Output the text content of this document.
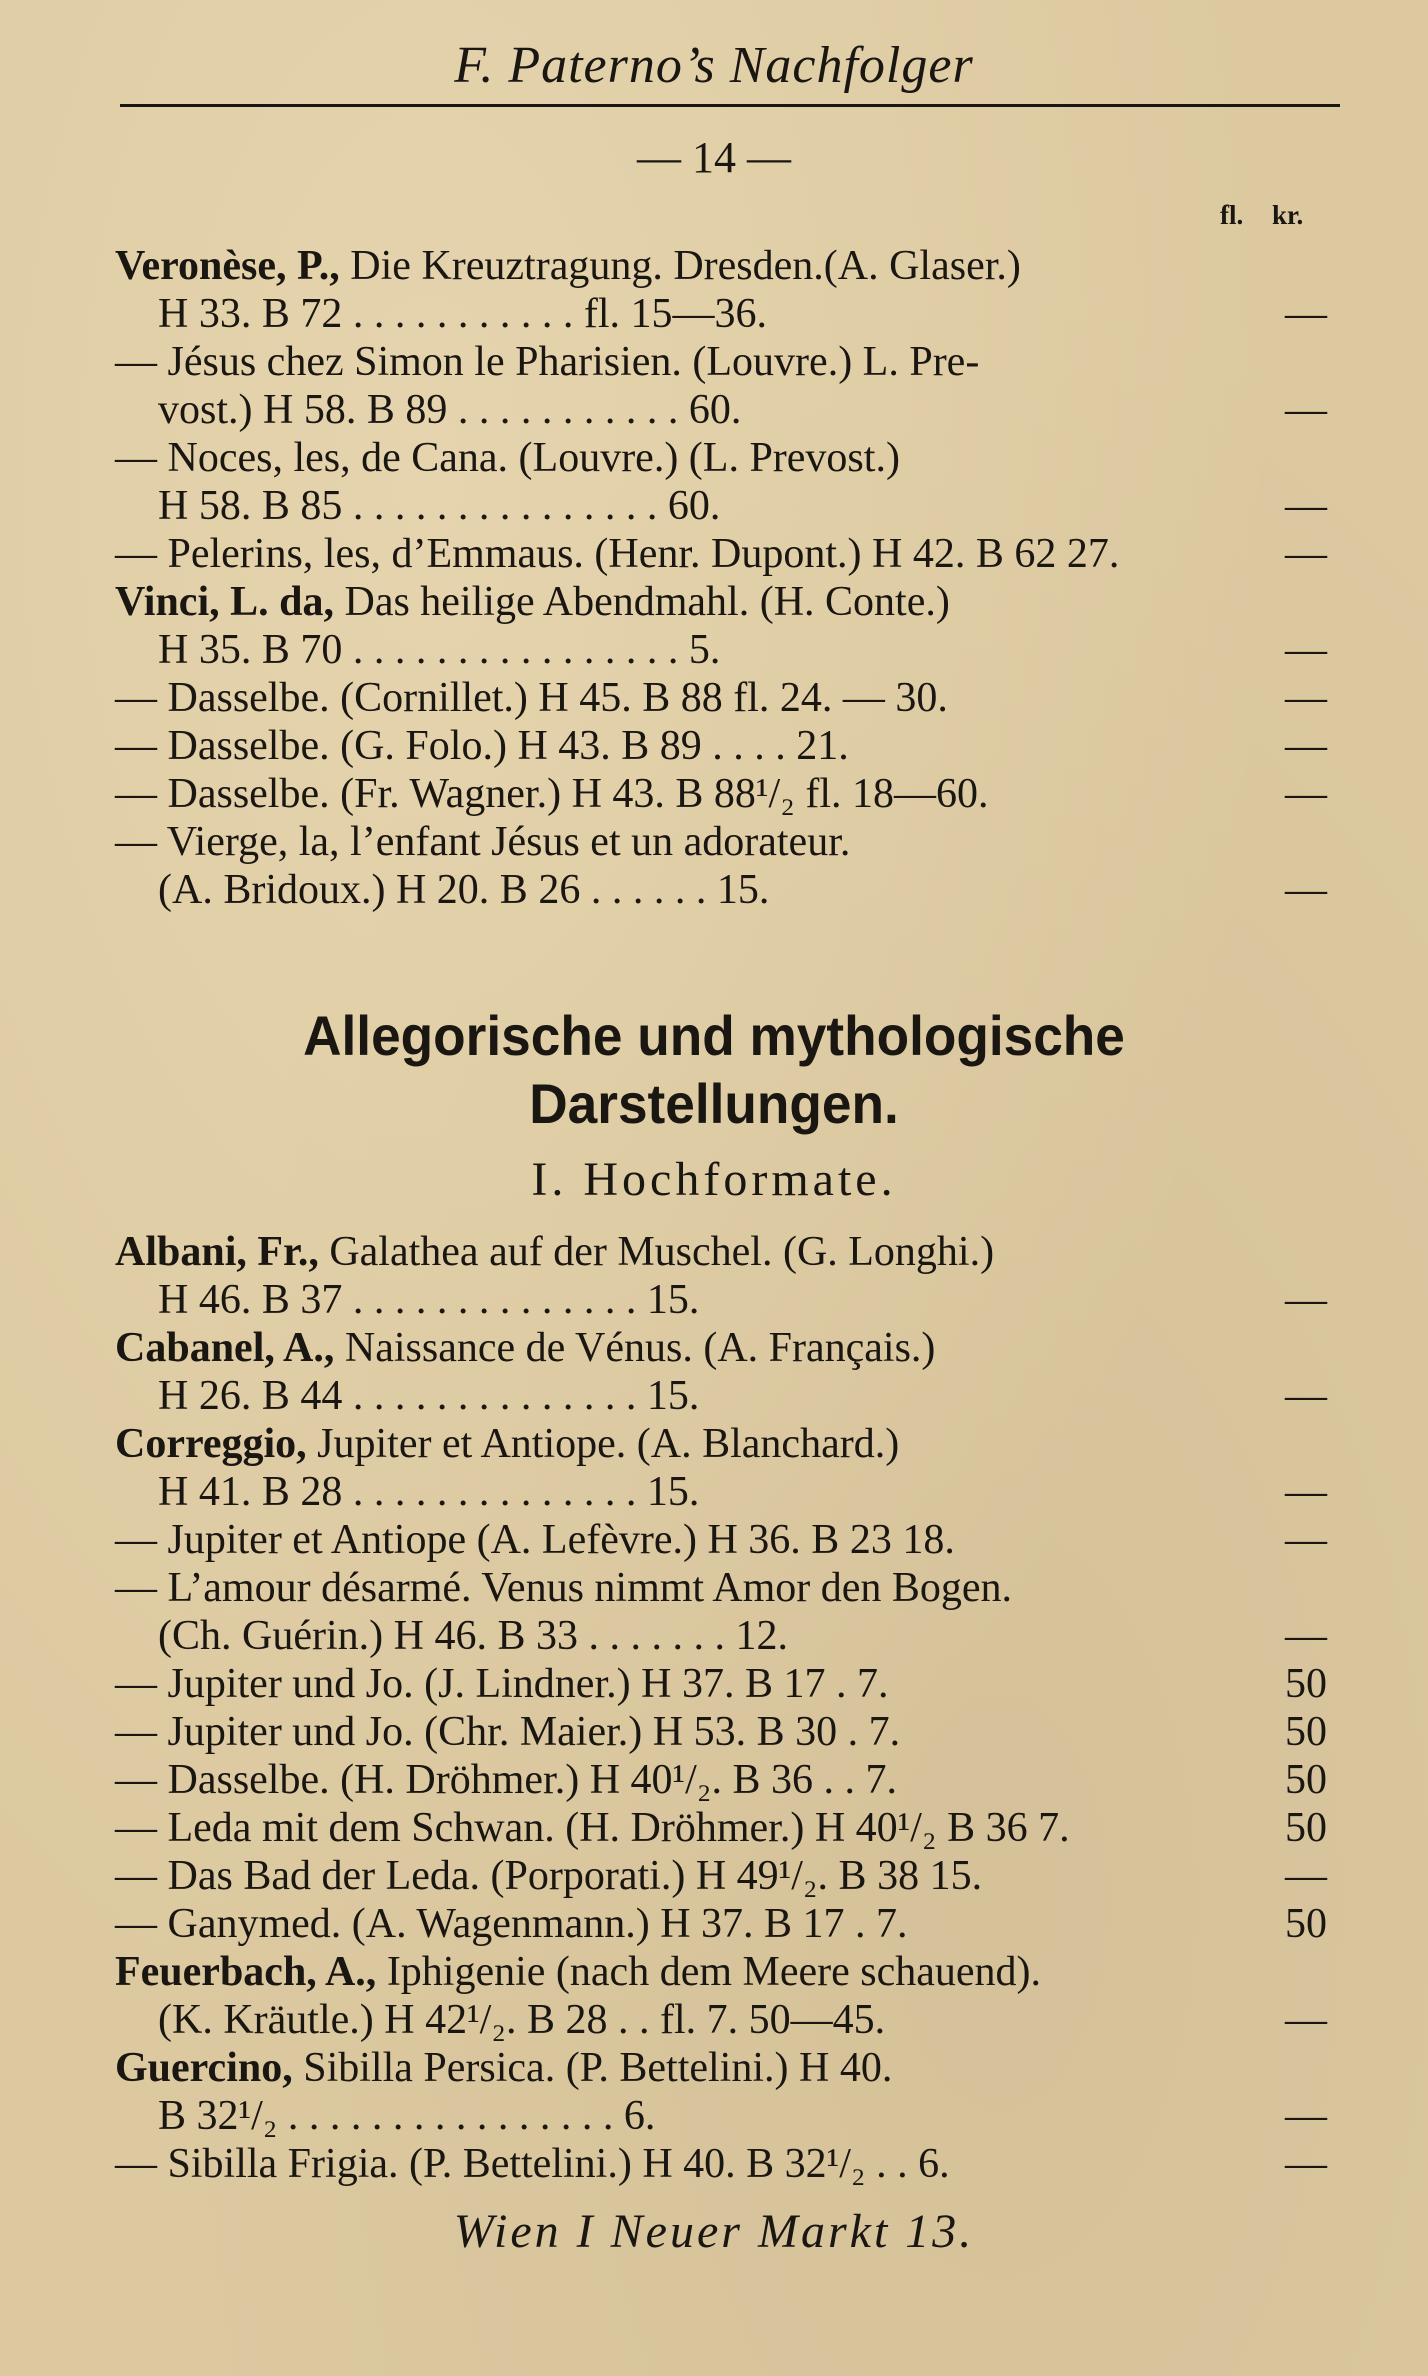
F. Paterno’s Nachfolger
— 14 —
fl. kr.
Veronèse, P., Die Kreuztragung. Dresden.(A. Glaser.)
H 33. B 72 . . . . . . . . . . . fl. 15—36.	—
— Jésus chez Simon le Pharisien. (Louvre.) L. Pre-
vost.) H 58. B 89 . . . . . . . . . . . 60.	—
— Noces, les, de Cana. (Louvre.) (L. Prevost.)
H 58. B 85 . . . . . . . . . . . . . . . 60.	—
— Pelerins, les, d’Emmaus. (Henr. Dupont.) H 42. B 62 27.	—
Vinci, L. da, Das heilige Abendmahl. (H. Conte.)
H 35. B 70 . . . . . . . . . . . . . . . . 5.	—
— Dasselbe. (Cornillet.) H 45. B 88 fl. 24. — 30.	—
— Dasselbe. (G. Folo.) H 43. B 89 . . . . 21.	—
— Dasselbe. (Fr. Wagner.) H 43. B 88¹/₂ fl. 18—60.	—
— Vierge, la, l’enfant Jésus et un adorateur.
(A. Bridoux.) H 20. B 26 . . . . . . 15.	—
Allegorische und mythologische
Darstellungen.
I. Hochformate.
Albani, Fr., Galathea auf der Muschel. (G. Longhi.)
H 46. B 37 . . . . . . . . . . . . . . 15.	—
Cabanel, A., Naissance de Vénus. (A. Français.)
H 26. B 44 . . . . . . . . . . . . . . 15.	—
Correggio, Jupiter et Antiope. (A. Blanchard.)
H 41. B 28 . . . . . . . . . . . . . . 15.	—
— Jupiter et Antiope (A. Lefèvre.) H 36. B 23 18.	—
— L’amour désarmé. Venus nimmt Amor den Bogen.
(Ch. Guérin.) H 46. B 33 . . . . . . . 12.	—
— Jupiter und Jo. (J. Lindner.) H 37. B 17 . 7.	50
— Jupiter und Jo. (Chr. Maier.) H 53. B 30 . 7.	50
— Dasselbe. (H. Dröhmer.) H 40¹/₂. B 36 . . 7.	50
— Leda mit dem Schwan. (H. Dröhmer.) H 40¹/₂ B 36 7.	50
— Das Bad der Leda. (Porporati.) H 49¹/₂. B 38 15.	—
— Ganymed. (A. Wagenmann.) H 37. B 17 . 7.	50
Feuerbach, A., Iphigenie (nach dem Meere schauend).
(K. Kräutle.) H 42¹/₂. B 28 . . fl. 7. 50—45.	—
Guercino, Sibilla Persica. (P. Bettelini.) H 40.
B 32¹/₂ . . . . . . . . . . . . . . . . 6.	—
— Sibilla Frigia. (P. Bettelini.) H 40. B 32¹/₂ . . 6.	—
Wien I Neuer Markt 13.
